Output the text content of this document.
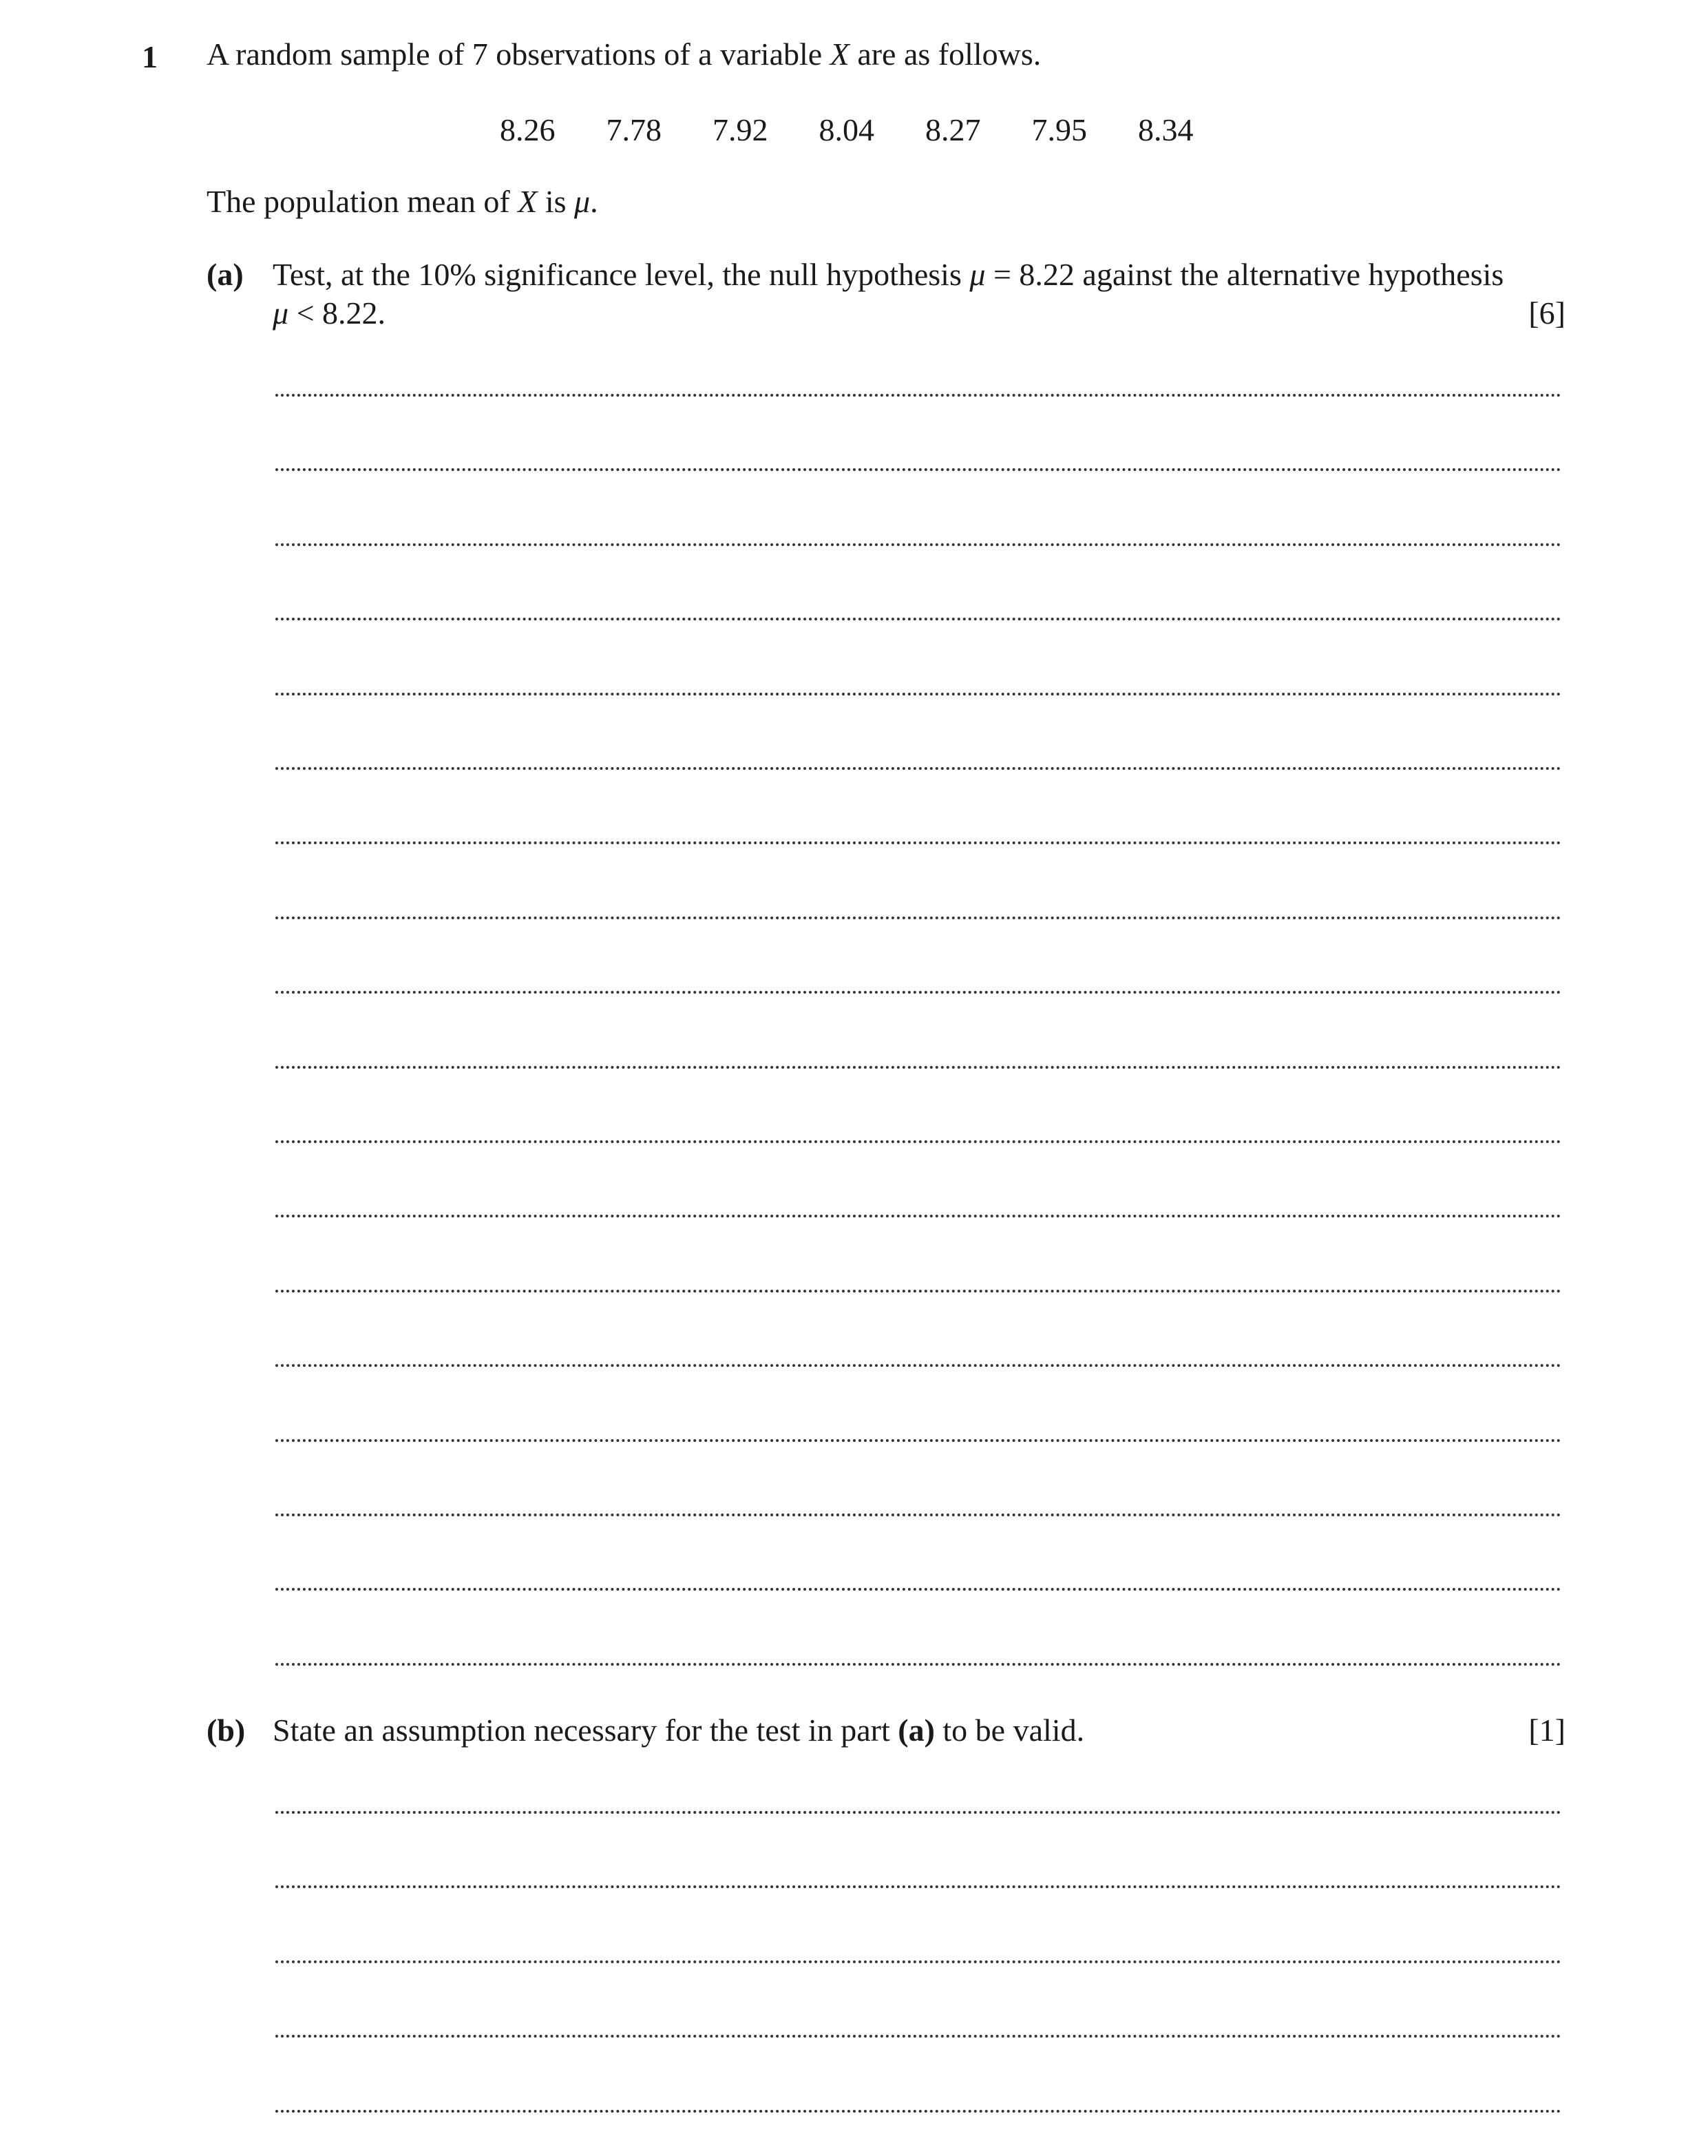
1 A random sample of 7 observations of a variable X are as follows.
8.26 7.78 7.92 8.04 8.27 7.95 8.34
The population mean of X is μ.
(a) Test, at the 10% significance level, the null hypothesis μ = 8.22 against the alternative hypothesis
μ < 8.22.	[6]
(b) State an assumption necessary for the test in part (a) to be valid.	[1]
